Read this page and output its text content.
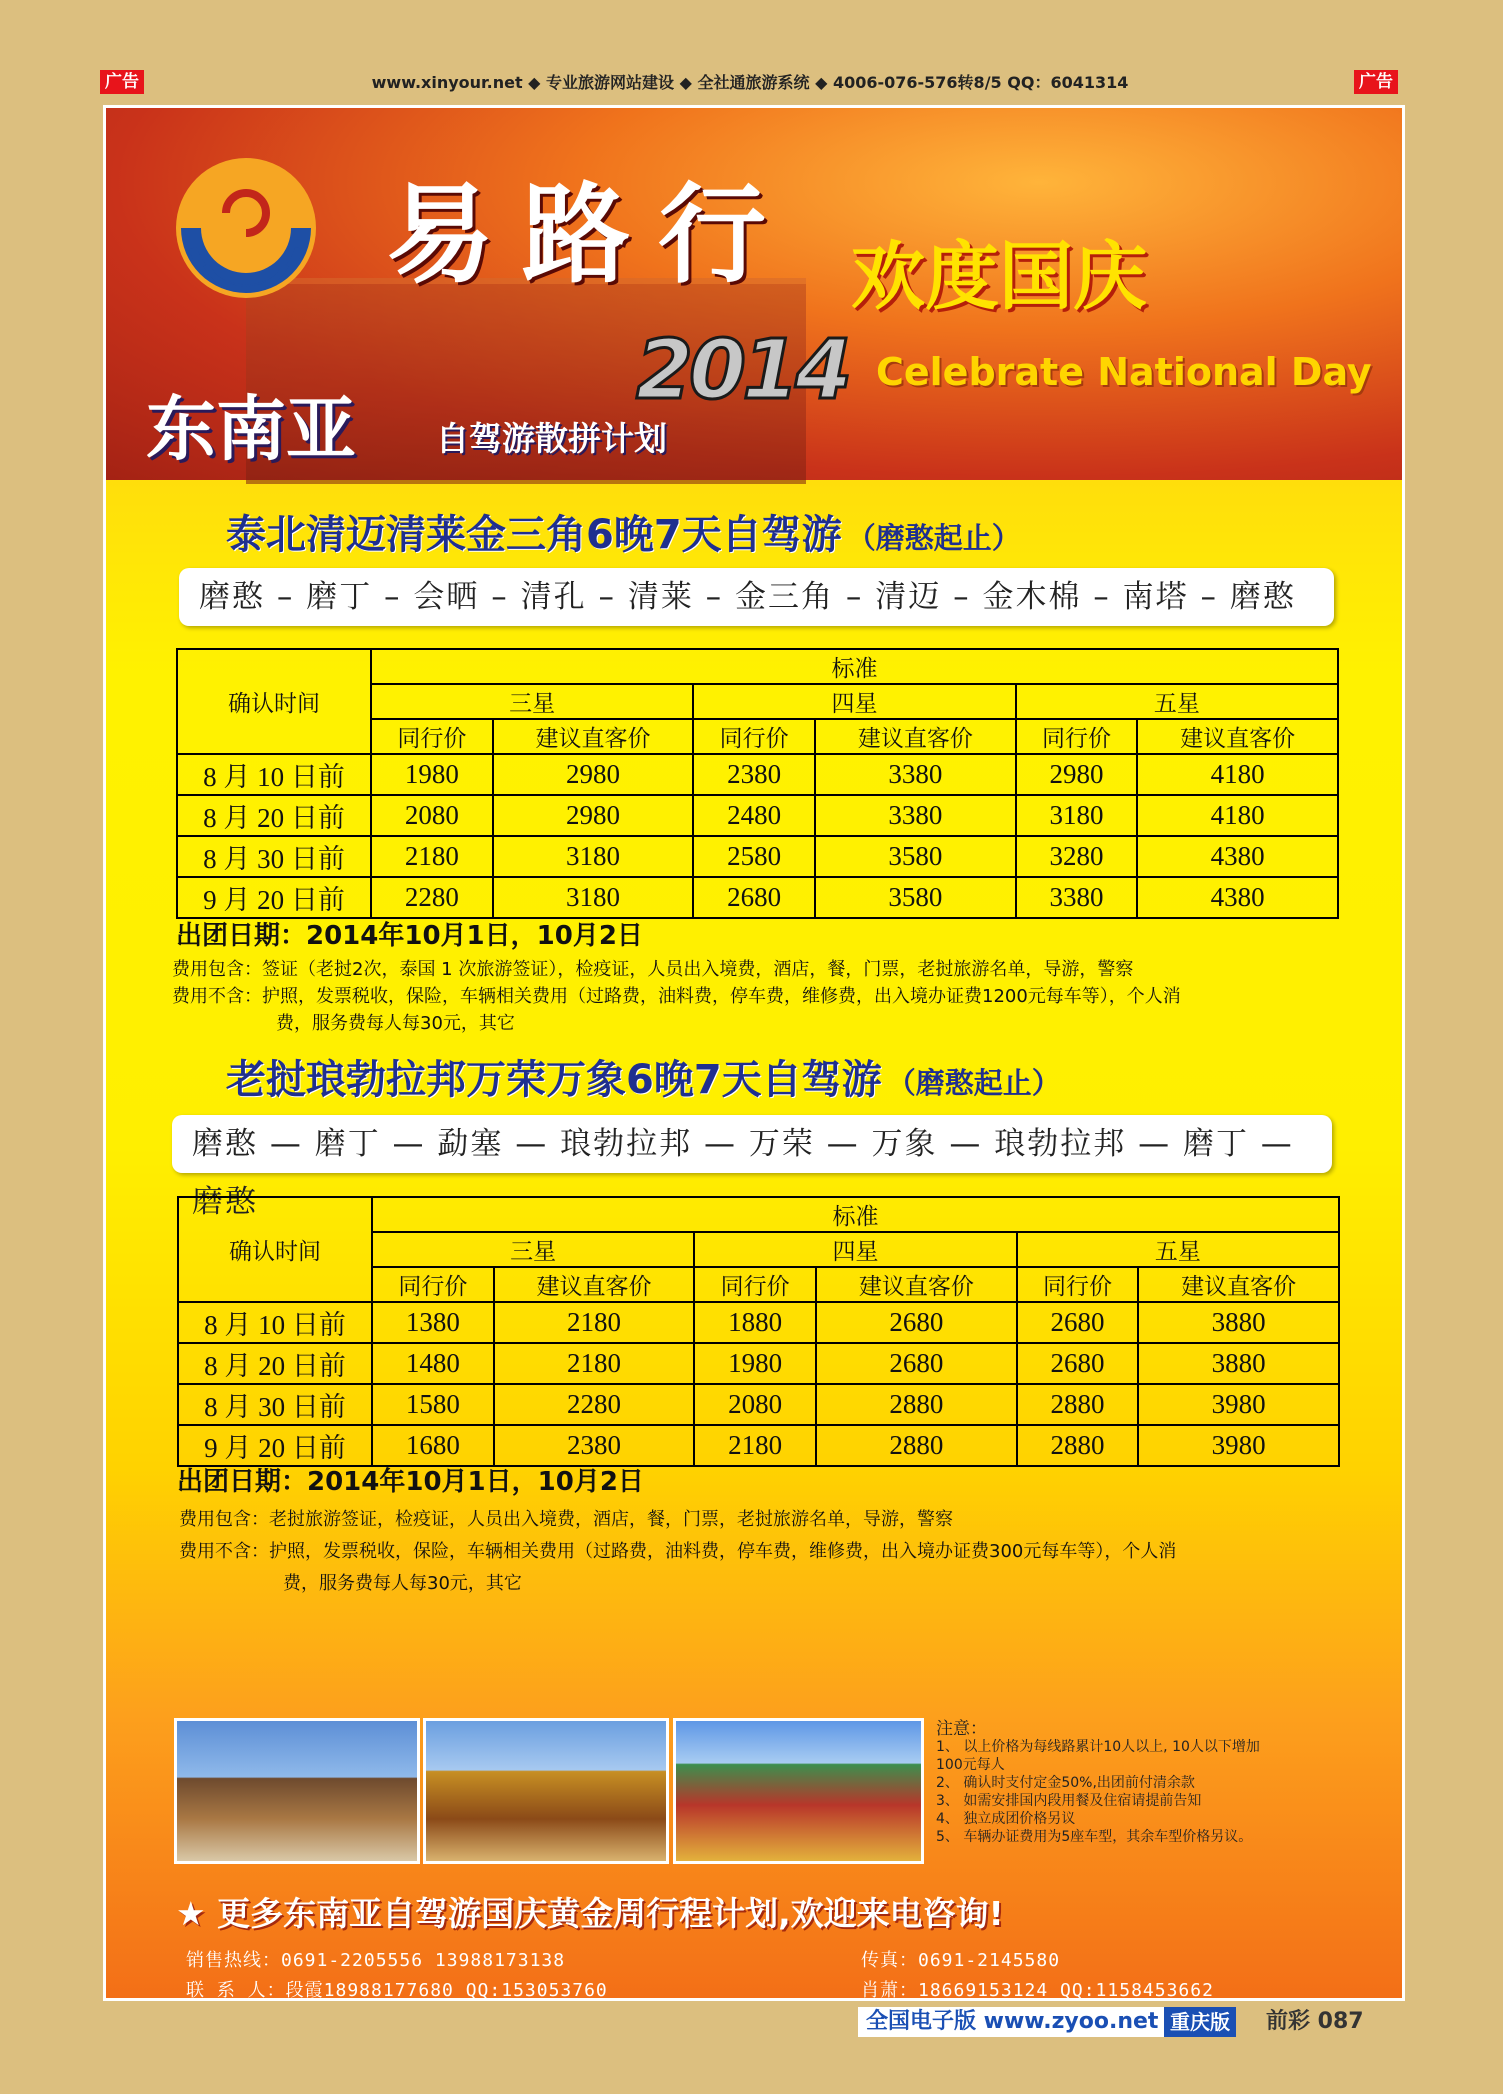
广告	广告
www.xinyour.net ◆ 专业旅游网站建设 ◆ 全社通旅游系统 ◆ 4006-076-576转8/5 QQ：6041314
易路行 欢度国庆
2014 Celebrate National Day
东南亚 自驾游散拼计划
泰北清迈清莱金三角6晚7天自驾游 （磨憨起止）
磨憨 – 磨丁 – 会晒 – 清孔 – 清莱 – 金三角 – 清迈 – 金木棉 – 南塔 – 磨憨
确认时间	标准					
	三星		四星		五星	
	同行价	建议直客价	同行价	建议直客价	同行价	建议直客价
8 月 10 日前	1980	2980	2380	3380	2980	4180
8 月 20 日前	2080	2980	2480	3380	3180	4180
8 月 30 日前	2180	3180	2580	3580	3280	4380
9 月 20 日前	2280	3180	2680	3580	3380	4380
出团日期：2014年10月1日，10月2日
费用包含：签证（老挝2次，泰国 1 次旅游签证），检疫证，人员出入境费，酒店，餐，门票，老挝旅游名单，导游，警察
费用不含：护照，发票税收，保险，车辆相关费用（过路费，油料费，停车费，维修费，出入境办证费1200元每车等），个人消
费，服务费每人每30元，其它
老挝琅勃拉邦万荣万象6晚7天自驾游 （磨憨起止）
磨憨 — 磨丁 — 勐塞 — 琅勃拉邦 — 万荣 — 万象 — 琅勃拉邦 — 磨丁 — 磨憨
确认时间	标准					
	三星		四星		五星	
	同行价	建议直客价	同行价	建议直客价	同行价	建议直客价
8 月 10 日前	1380	2180	1880	2680	2680	3880
8 月 20 日前	1480	2180	1980	2680	2680	3880
8 月 30 日前	1580	2280	2080	2880	2880	3980
9 月 20 日前	1680	2380	2180	2880	2880	3980
出团日期：2014年10月1日，10月2日
费用包含：老挝旅游签证，检疫证，人员出入境费，酒店，餐，门票，老挝旅游名单，导游，警察
费用不含：护照，发票税收，保险，车辆相关费用（过路费，油料费，停车费，维修费，出入境办证费300元每车等），个人消
费，服务费每人每30元，其它
注意：
1、 以上价格为每线路累计10人以上, 10人以下增加
100元每人
2、 确认时支付定金50%,出团前付清余款
3、 如需安排国内段用餐及住宿请提前告知
4、 独立成团价格另议
5、 车辆办证费用为5座车型，其余车型价格另议。
★ 更多东南亚自驾游国庆黄金周行程计划,欢迎来电咨询!
销售热线：0691-2205556 13988173138
联 系 人：段霞18988177680 QQ:153053760
传真：0691-2145580
肖萧：18669153124 QQ:1158453662
全国电子版 www.zyoo.net 重庆版 前彩 087
